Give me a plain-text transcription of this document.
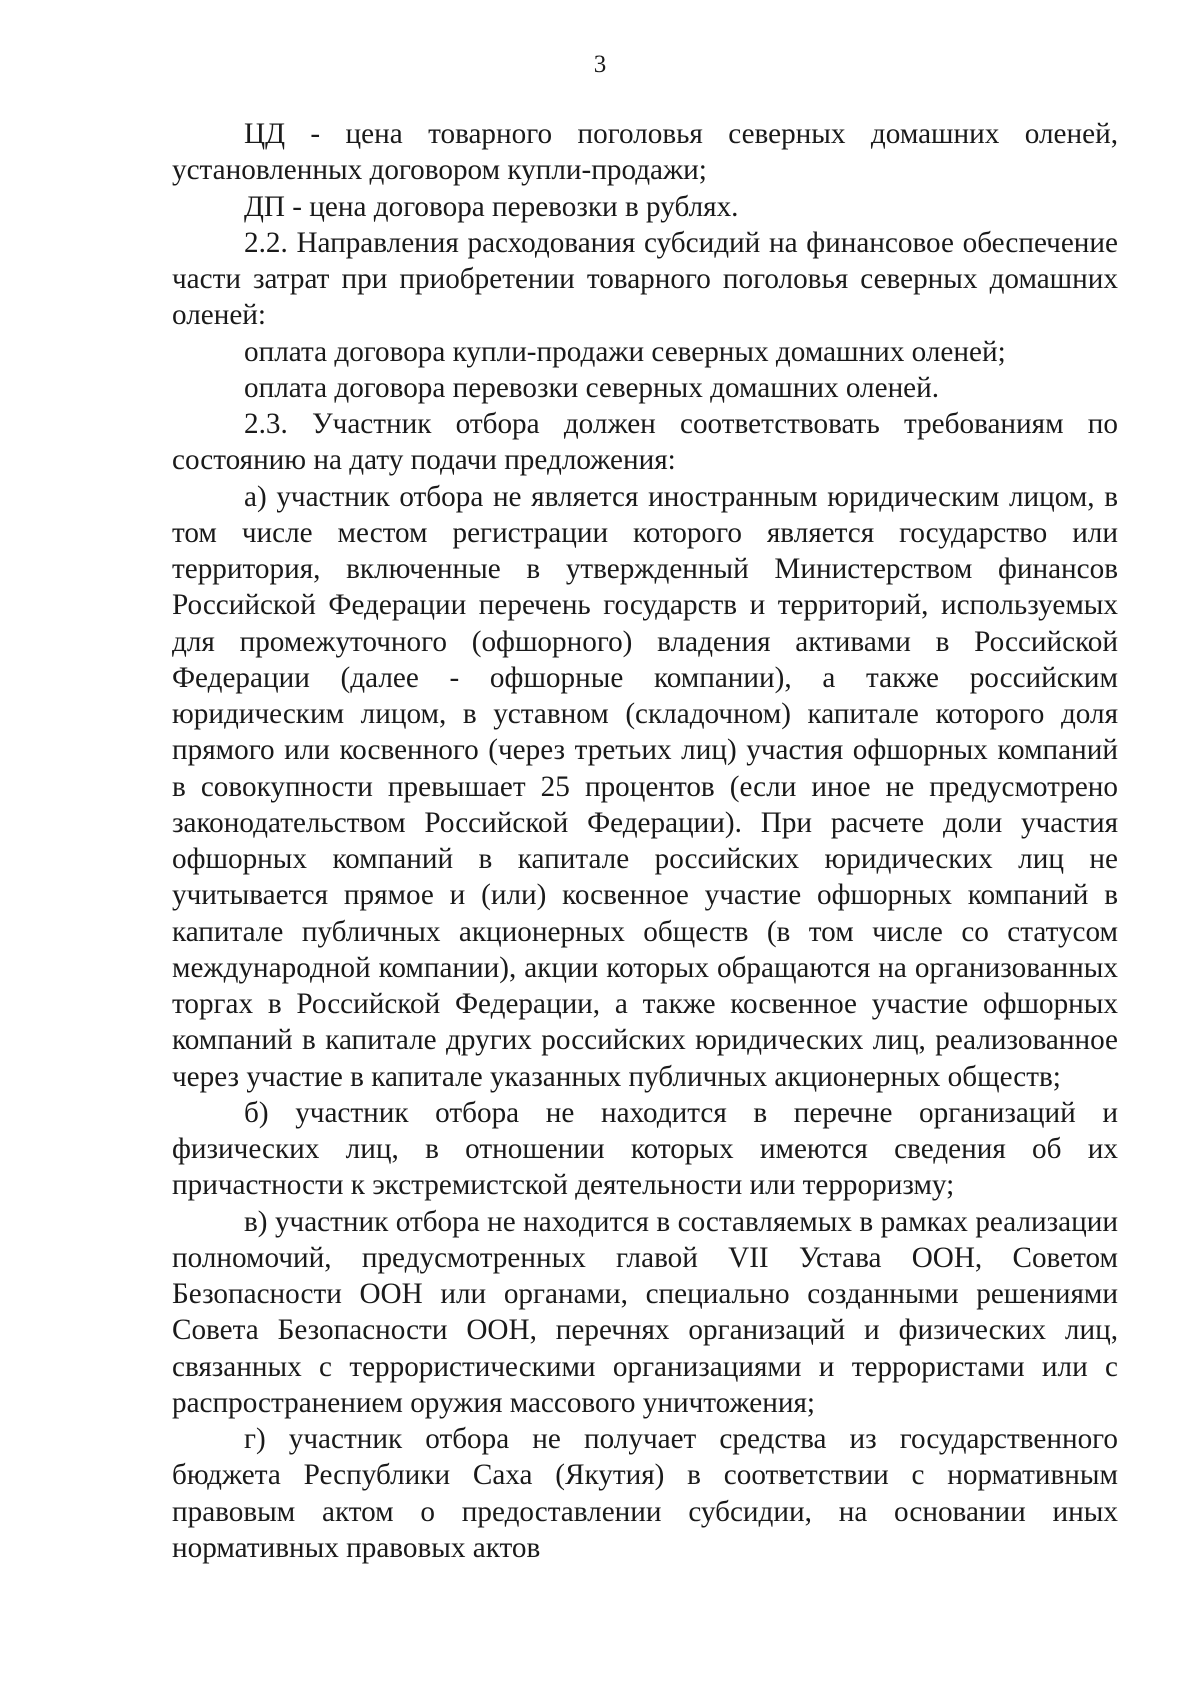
3

ЦД - цена товарного поголовья северных домашних оленей, установленных договором купли-продажи;

ДП - цена договора перевозки в рублях.

2.2. Направления расходования субсидий на финансовое обеспечение части затрат при приобретении товарного поголовья северных домашних оленей:

оплата договора купли-продажи северных домашних оленей;

оплата договора перевозки северных домашних оленей.

2.3. Участник отбора должен соответствовать требованиям по состоянию на дату подачи предложения:

а) участник отбора не является иностранным юридическим лицом, в том числе местом регистрации которого является государство или территория, включенные в утвержденный Министерством финансов Российской Федерации перечень государств и территорий, используемых для промежуточного (офшорного) владения активами в Российской Федерации (далее - офшорные компании), а также российским юридическим лицом, в уставном (складочном) капитале которого доля прямого или косвенного (через третьих лиц) участия офшорных компаний в совокупности превышает 25 процентов (если иное не предусмотрено законодательством Российской Федерации). При расчете доли участия офшорных компаний в капитале российских юридических лиц не учитывается прямое и (или) косвенное участие офшорных компаний в капитале публичных акционерных обществ (в том числе со статусом международной компании), акции которых обращаются на организованных торгах в Российской Федерации, а также косвенное участие офшорных компаний в капитале других российских юридических лиц, реализованное через участие в капитале указанных публичных акционерных обществ;

б) участник отбора не находится в перечне организаций и физических лиц, в отношении которых имеются сведения об их причастности к экстремистской деятельности или терроризму;

в) участник отбора не находится в составляемых в рамках реализации полномочий, предусмотренных главой VII Устава ООН, Советом Безопасности ООН или органами, специально созданными решениями Совета Безопасности ООН, перечнях организаций и физических лиц, связанных с террористическими организациями и террористами или с распространением оружия массового уничтожения;

г) участник отбора не получает средства из государственного бюджета Республики Саха (Якутия) в соответствии с нормативным правовым актом о предоставлении субсидии, на основании иных нормативных правовых актов
